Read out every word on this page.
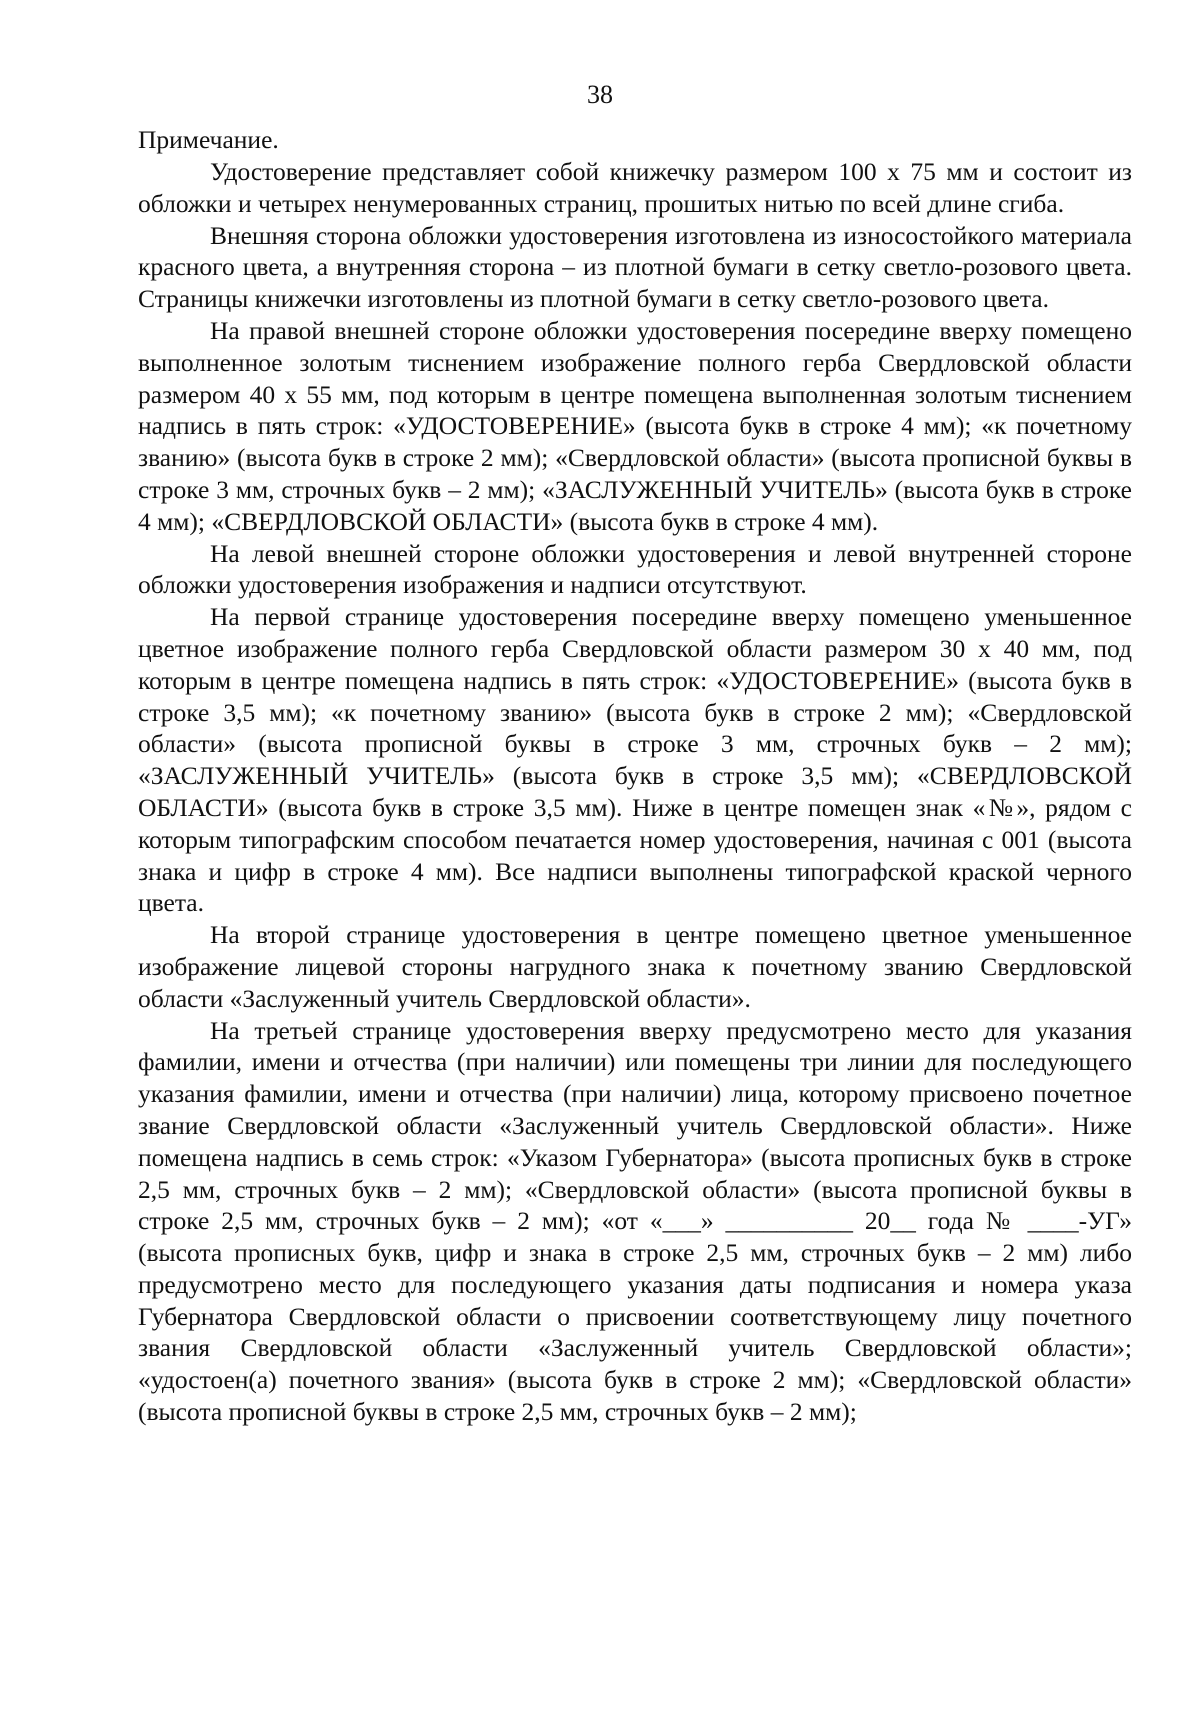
38
Примечание.

Удостоверение представляет собой книжечку размером 100 x 75 мм и состоит из обложки и четырех ненумерованных страниц, прошитых нитью по всей длине сгиба.

Внешняя сторона обложки удостоверения изготовлена из износостойкого материала красного цвета, а внутренняя сторона – из плотной бумаги в сетку светло-розового цвета. Страницы книжечки изготовлены из плотной бумаги в сетку светло-розового цвета.

На правой внешней стороне обложки удостоверения посередине вверху помещено выполненное золотым тиснением изображение полного герба Свердловской области размером 40 x 55 мм, под которым в центре помещена выполненная золотым тиснением надпись в пять строк: «УДОСТОВЕРЕНИЕ» (высота букв в строке 4 мм); «к почетному званию» (высота букв в строке 2 мм); «Свердловской области» (высота прописной буквы в строке 3 мм, строчных букв – 2 мм); «ЗАСЛУЖЕННЫЙ УЧИТЕЛЬ» (высота букв в строке 4 мм); «СВЕРДЛОВСКОЙ ОБЛАСТИ» (высота букв в строке 4 мм).

На левой внешней стороне обложки удостоверения и левой внутренней стороне обложки удостоверения изображения и надписи отсутствуют.

На первой странице удостоверения посередине вверху помещено уменьшенное цветное изображение полного герба Свердловской области размером 30 x 40 мм, под которым в центре помещена надпись в пять строк: «УДОСТОВЕРЕНИЕ» (высота букв в строке 3,5 мм); «к почетному званию» (высота букв в строке 2 мм); «Свердловской области» (высота прописной буквы в строке 3 мм, строчных букв – 2 мм); «ЗАСЛУЖЕННЫЙ УЧИТЕЛЬ» (высота букв в строке 3,5 мм); «СВЕРДЛОВСКОЙ ОБЛАСТИ» (высота букв в строке 3,5 мм). Ниже в центре помещен знак «№», рядом с которым типографским способом печатается номер удостоверения, начиная с 001 (высота знака и цифр в строке 4 мм). Все надписи выполнены типографской краской черного цвета.

На второй странице удостоверения в центре помещено цветное уменьшенное изображение лицевой стороны нагрудного знака к почетному званию Свердловской области «Заслуженный учитель Свердловской области».

На третьей странице удостоверения вверху предусмотрено место для указания фамилии, имени и отчества (при наличии) или помещены три линии для последующего указания фамилии, имени и отчества (при наличии) лица, которому присвоено почетное звание Свердловской области «Заслуженный учитель Свердловской области». Ниже помещена надпись в семь строк: «Указом Губернатора» (высота прописных букв в строке 2,5 мм, строчных букв – 2 мм); «Свердловской области» (высота прописной буквы в строке 2,5 мм, строчных букв – 2 мм); «от «___» __________ 20__ года № ____-УГ» (высота прописных букв, цифр и знака в строке 2,5 мм, строчных букв – 2 мм) либо предусмотрено место для последующего указания даты подписания и номера указа Губернатора Свердловской области о присвоении соответствующему лицу почетного звания Свердловской области «Заслуженный учитель Свердловской области»; «удостоен(а) почетного звания» (высота букв в строке 2 мм); «Свердловской области» (высота прописной буквы в строке 2,5 мм, строчных букв – 2 мм);
